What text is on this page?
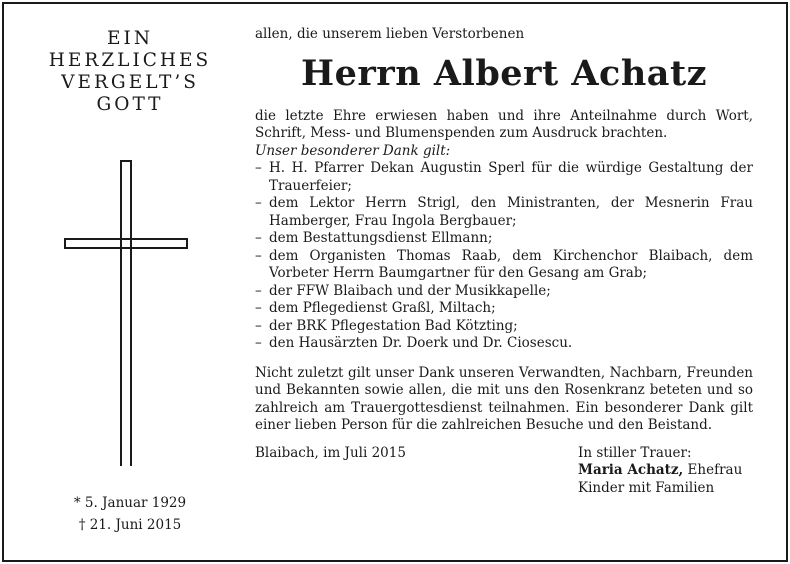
EIN
HERZLICHES
VERGELT’S
GOTT
* 5. Januar 1929
† 21. Juni 2015

allen, die unserem lieben Verstorbenen

Herrn Albert Achatz

die letzte Ehre erwiesen haben und ihre Anteilnahme durch Wort, Schrift, Mess- und Blumenspenden zum Ausdruck brachten.

Unser besonderer Dank gilt:

– H. H. Pfarrer Dekan Augustin Sperl für die würdige Gestaltung der Trauerfeier;
– dem Lektor Herrn Strigl, den Ministranten, der Mesnerin Frau Hamberger, Frau Ingola Bergbauer;
– dem Bestattungsdienst Ellmann;
– dem Organisten Thomas Raab, dem Kirchenchor Blaibach, dem Vorbeter Herrn Baumgartner für den Gesang am Grab;
– der FFW Blaibach und der Musikkapelle;
– dem Pflegedienst Graßl, Miltach;
– der BRK Pflegestation Bad Kötzting;
– den Hausärzten Dr. Doerk und Dr. Ciosescu.

Nicht zuletzt gilt unser Dank unseren Verwandten, Nachbarn, Freunden und Bekannten sowie allen, die mit uns den Rosenkranz beteten und so zahlreich am Trauergottesdienst teilnahmen. Ein besonderer Dank gilt einer lieben Person für die zahlreichen Besuche und den Beistand.

Blaibach, im Juli 2015	In stiller Trauer:
Maria Achatz, Ehefrau
Kinder mit Familien
